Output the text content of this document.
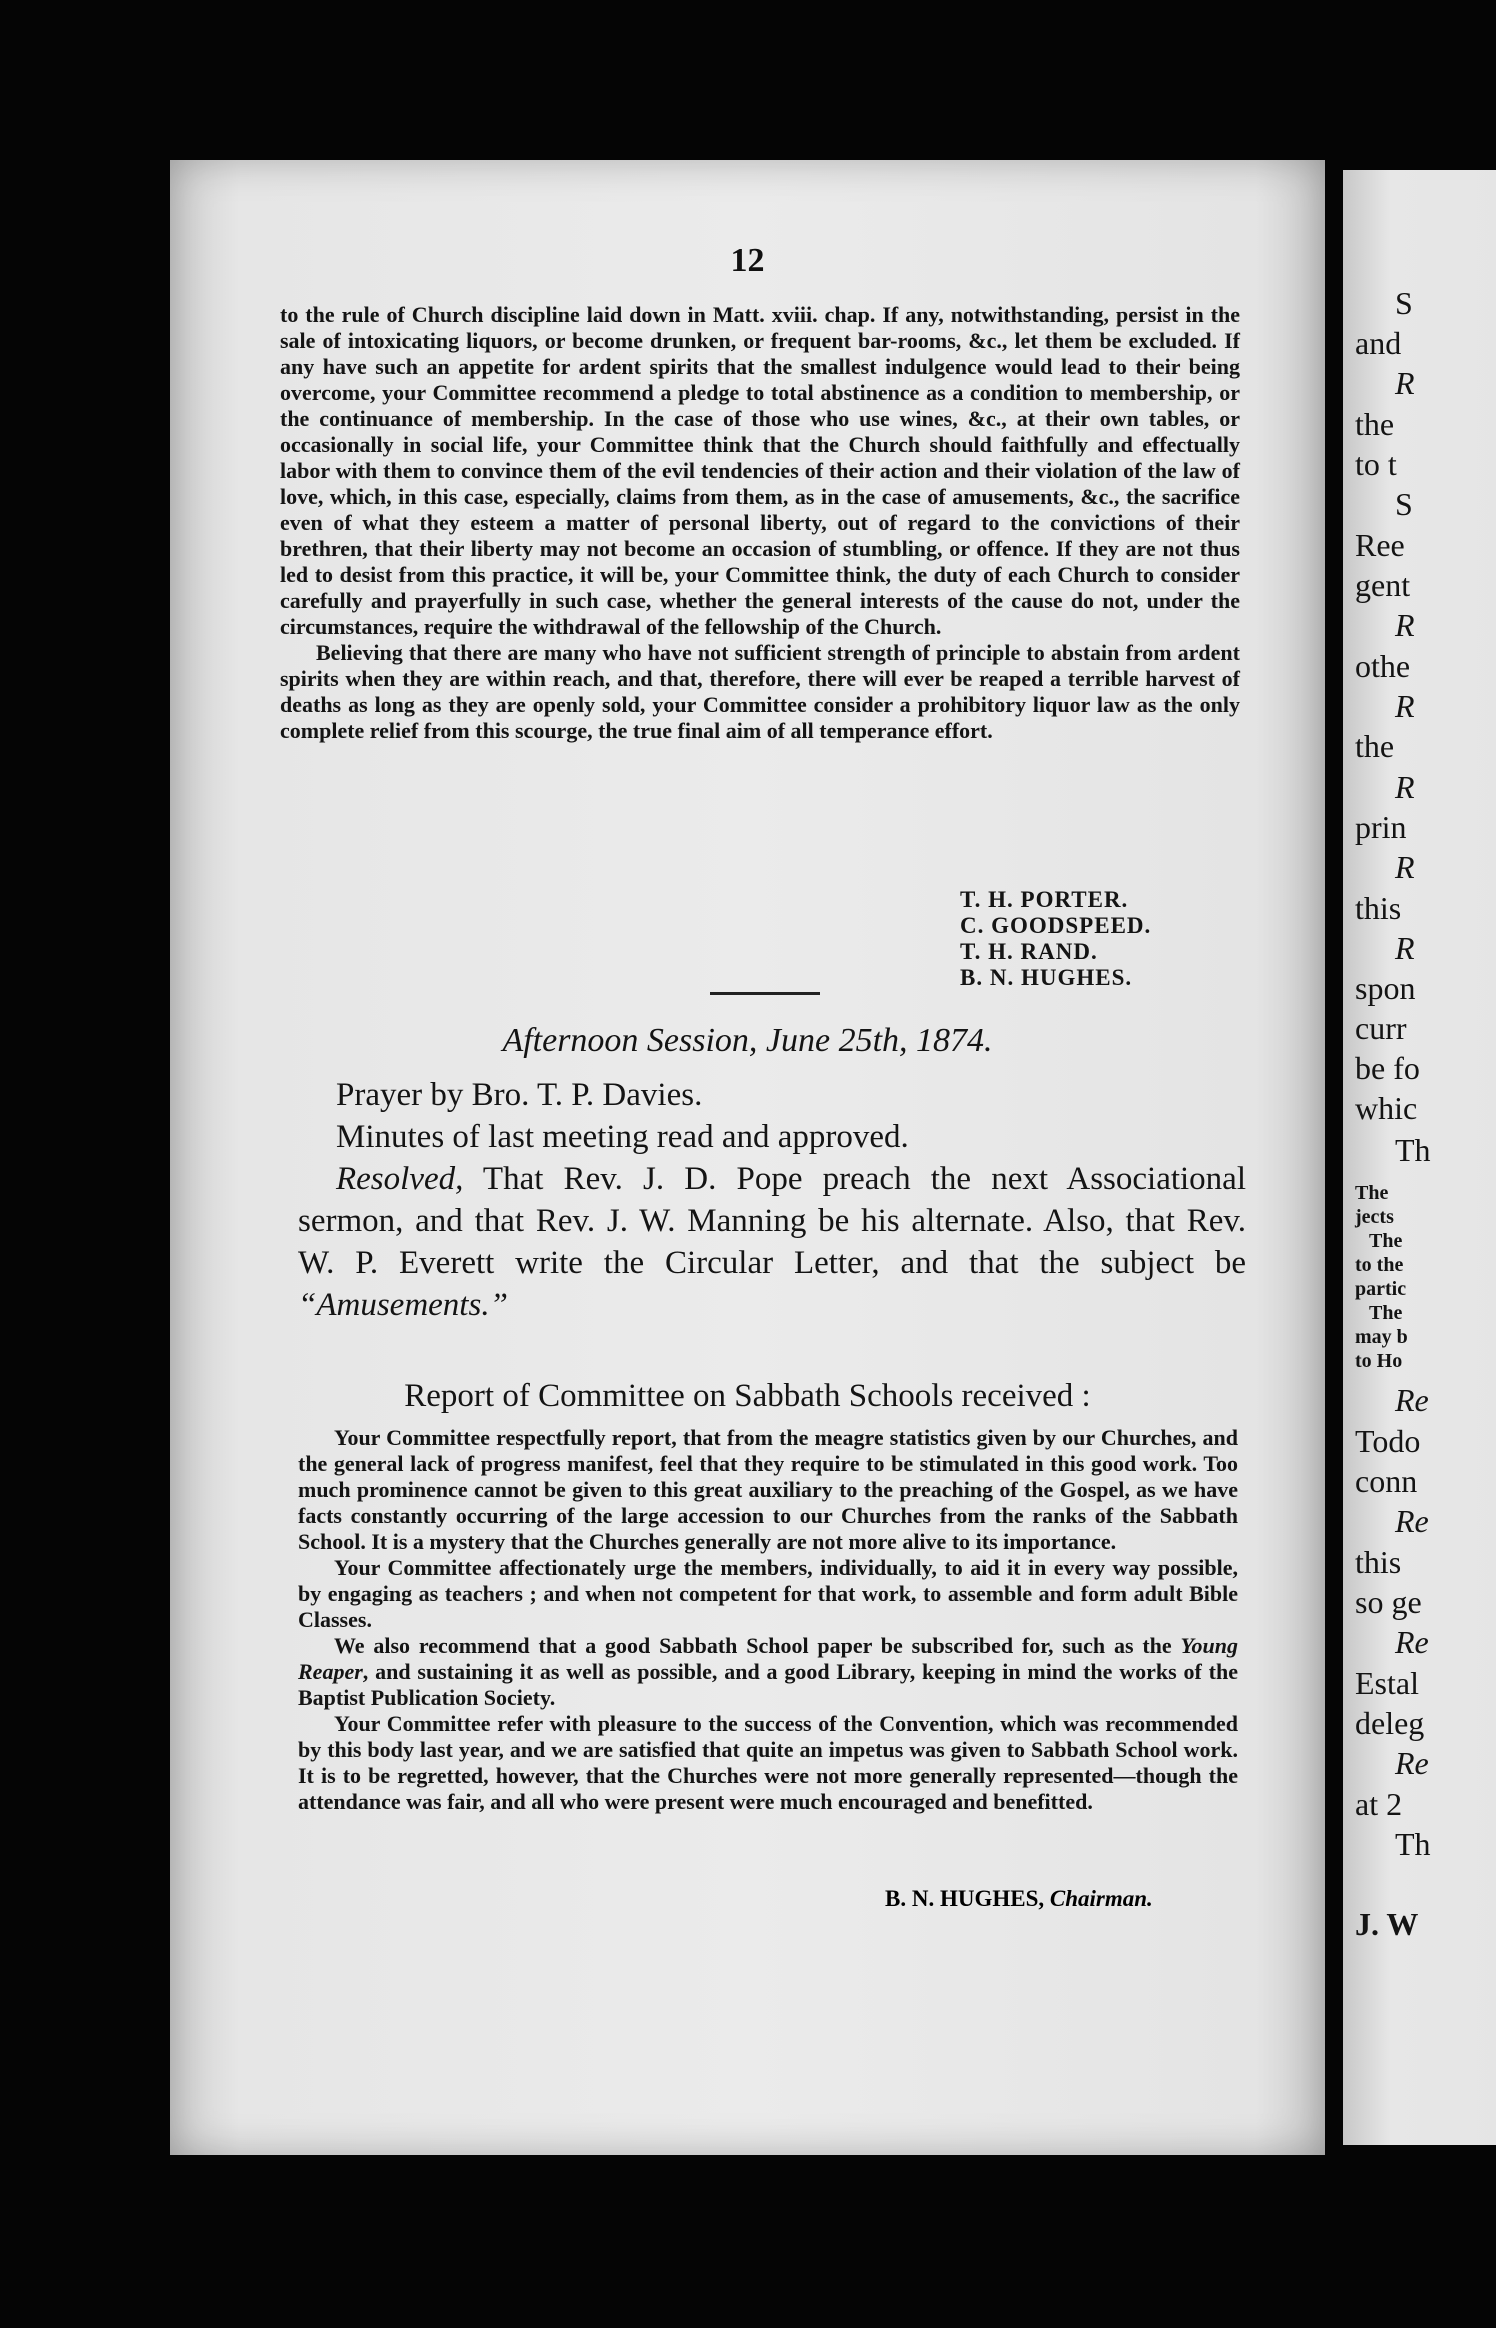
12

to the rule of Church discipline laid down in Matt. xviii. chap. If any, notwithstanding, persist in the sale of intoxicating liquors, or become drunken, or frequent bar-rooms, &c., let them be excluded. If any have such an appetite for ardent spirits that the smallest indulgence would lead to their being overcome, your Committee recommend a pledge to total abstinence as a condition to membership, or the continuance of membership. In the case of those who use wines, &c., at their own tables, or occasionally in social life, your Committee think that the Church should faithfully and effectually labor with them to convince them of the evil tendencies of their action and their violation of the law of love, which, in this case, especially, claims from them, as in the case of amusements, &c., the sacrifice even of what they esteem a matter of personal liberty, out of regard to the convictions of their brethren, that their liberty may not become an occasion of stumbling, or offence. If they are not thus led to desist from this practice, it will be, your Committee think, the duty of each Church to consider carefully and prayerfully in such case, whether the general interests of the cause do not, under the circumstances, require the withdrawal of the fellowship of the Church.

Believing that there are many who have not sufficient strength of principle to abstain from ardent spirits when they are within reach, and that, therefore, there will ever be reaped a terrible harvest of deaths as long as they are openly sold, your Committee consider a prohibitory liquor law as the only complete relief from this scourge, the true final aim of all temperance effort.

T. H. PORTER.
C. GOODSPEED.
T. H. RAND.
B. N. HUGHES.
Afternoon Session, June 25th, 1874.

Prayer by Bro. T. P. Davies.

Minutes of last meeting read and approved.

Resolved, That Rev. J. D. Pope preach the next Associational sermon, and that Rev. J. W. Manning be his alternate. Also, that Rev. W. P. Everett write the Circular Letter, and that the subject be “Amusements.”

Report of Committee on Sabbath Schools received :

Your Committee respectfully report, that from the meagre statistics given by our Churches, and the general lack of progress manifest, feel that they require to be stimulated in this good work. Too much prominence cannot be given to this great auxiliary to the preaching of the Gospel, as we have facts constantly occurring of the large accession to our Churches from the ranks of the Sabbath School. It is a mystery that the Churches generally are not more alive to its importance.

Your Committee affectionately urge the members, individually, to aid it in every way possible, by engaging as teachers ; and when not competent for that work, to assemble and form adult Bible Classes.

We also recommend that a good Sabbath School paper be subscribed for, such as the Young Reaper, and sustaining it as well as possible, and a good Library, keeping in mind the works of the Baptist Publication Society.

Your Committee refer with pleasure to the success of the Convention, which was recommended by this body last year, and we are satisfied that quite an impetus was given to Sabbath School work. It is to be regretted, however, that the Churches were not more generally represented—though the attendance was fair, and all who were present were much encouraged and benefitted.

B. N. HUGHES, Chairman.
S
and
R
the
to t
S
Ree
gent
R
othe
R
the
R
prin
R
this
R
spon
curr
be fo
whic
Th
The
jects
The
to the
partic
The
may b
to Ho
Re
Todo
conn
Re
this
so ge
Re
Estal
deleg
Re
at 2
Th
J. W
